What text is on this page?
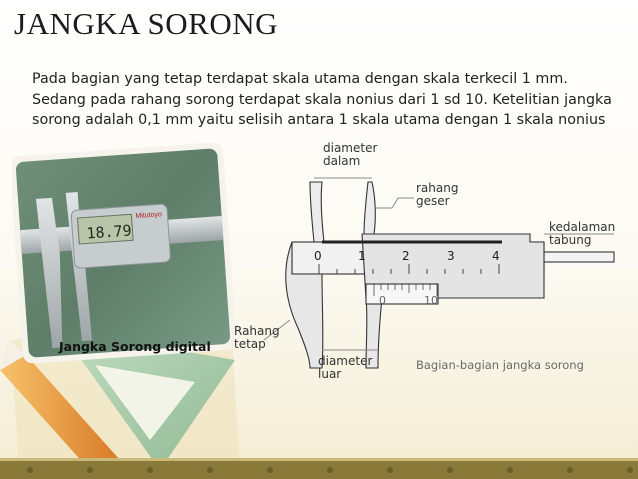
JANGKA SORONG
Pada bagian yang tetap terdapat skala utama dengan skala terkecil 1 mm.
Sedang pada rahang sorong terdapat skala nonius dari 1 sd 10. Ketelitian jangka
sorong adalah 0,1 mm yaitu selisih antara 1 skala utama dengan 1 skala nonius
18.79
Mitutoyo
Jangka Sorong digital
0	1	2	3	4
0	10
Bagian-bagian jangka sorong
diameter
dalam
rahang
geser
kedalaman
tabung
Rahang
tetap
diameter
luar
